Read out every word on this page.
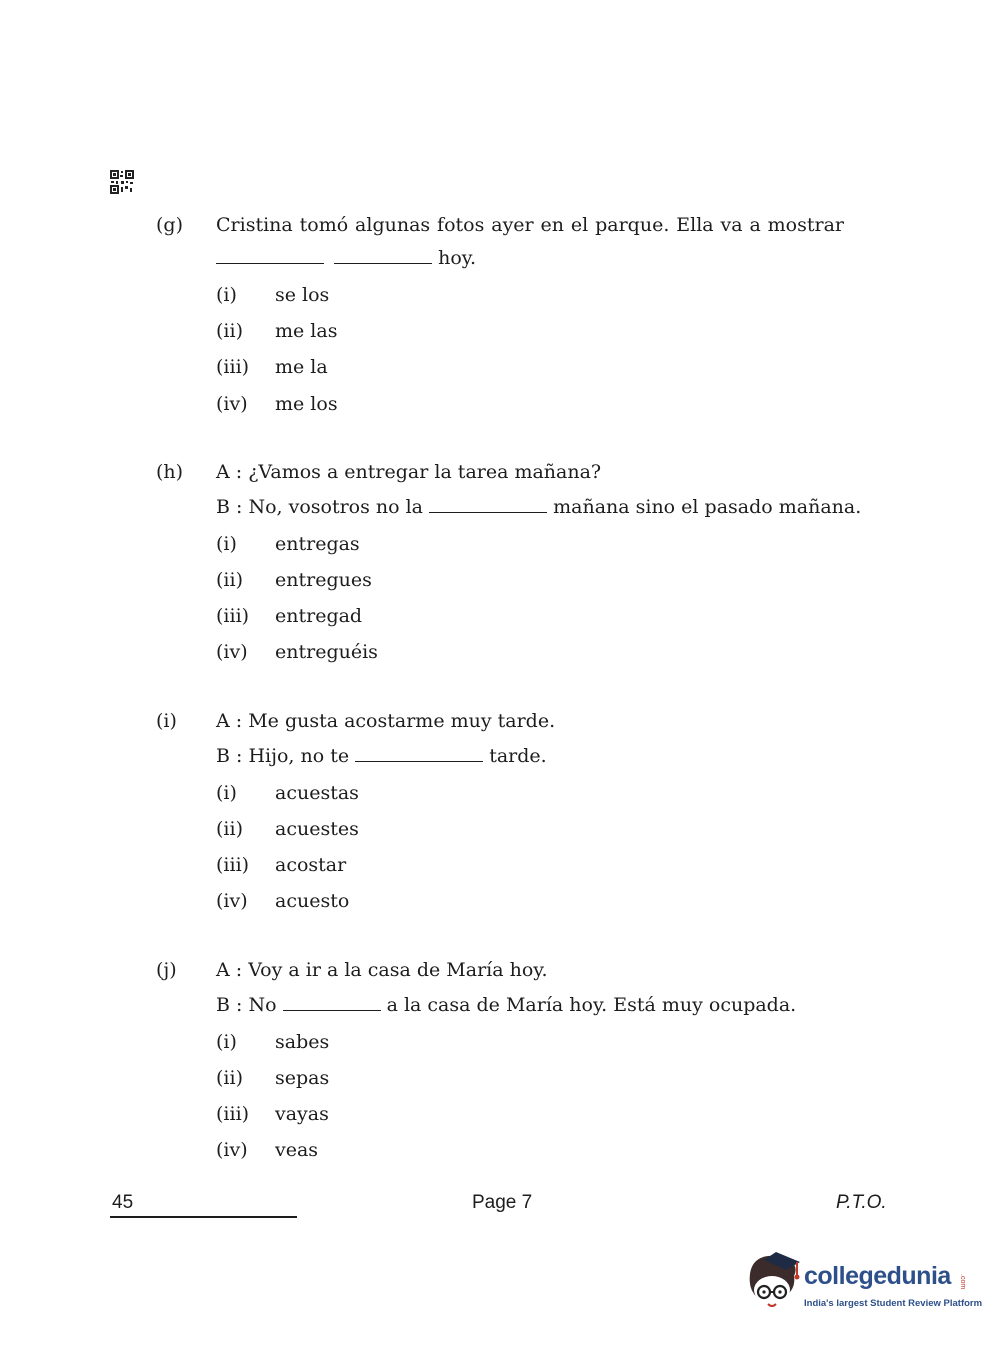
(g) Cristina tomó algunas fotos ayer en el parque. Ella va a mostrar
hoy.
(i) se los
(ii) me las
(iii) me la
(iv) me los
(h) A : ¿Vamos a entregar la tarea mañana?
B : No, vosotros no la	mañana sino el pasado mañana.
(i) entregas
(ii) entregues
(iii) entregad
(iv) entreguéis
(i) A : Me gusta acostarme muy tarde.
B : Hijo, no te	tarde.
(i) acuestas
(ii) acuestes
(iii) acostar
(iv) acuesto
(j) A : Voy a ir a la casa de María hoy.
B : No	a la casa de María hoy. Está muy ocupada.
(i) sabes
(ii) sepas
(iii) vayas
(iv) veas
45	Page 7	P.T.O.
collegedunia .com
India's largest Student Review Platform
